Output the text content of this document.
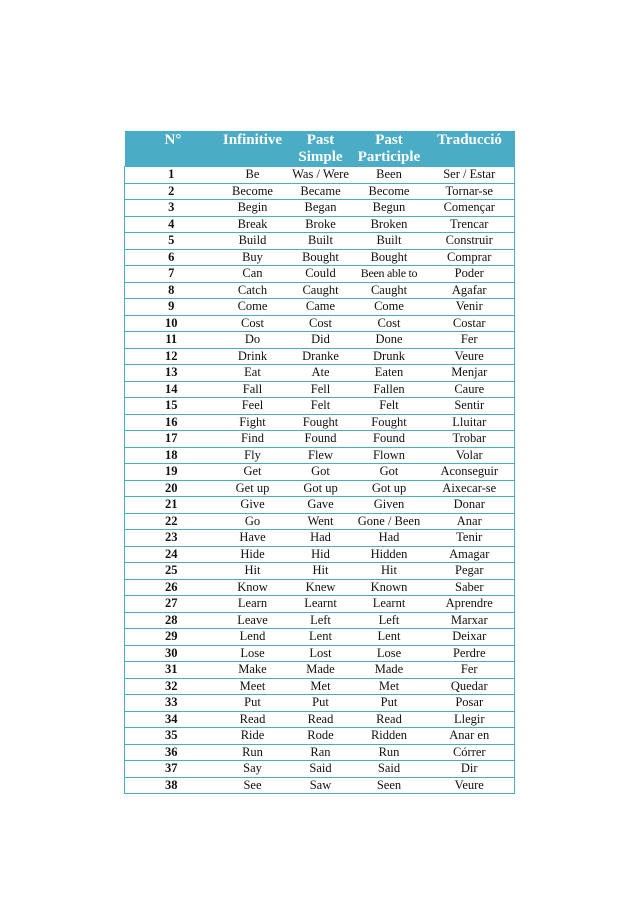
N°	Infinitive	Past Simple	Past Participle	Traducció
1	Be	Was / Were	Been	Ser / Estar
2	Become	Became	Become	Tornar-se
3	Begin	Began	Begun	Començar
4	Break	Broke	Broken	Trencar
5	Build	Built	Built	Construir
6	Buy	Bought	Bought	Comprar
7	Can	Could	Been able to	Poder
8	Catch	Caught	Caught	Agafar
9	Come	Came	Come	Venir
10	Cost	Cost	Cost	Costar
11	Do	Did	Done	Fer
12	Drink	Dranke	Drunk	Veure
13	Eat	Ate	Eaten	Menjar
14	Fall	Fell	Fallen	Caure
15	Feel	Felt	Felt	Sentir
16	Fight	Fought	Fought	Lluitar
17	Find	Found	Found	Trobar
18	Fly	Flew	Flown	Volar
19	Get	Got	Got	Aconseguir
20	Get up	Got up	Got up	Aixecar-se
21	Give	Gave	Given	Donar
22	Go	Went	Gone / Been	Anar
23	Have	Had	Had	Tenir
24	Hide	Hid	Hidden	Amagar
25	Hit	Hit	Hit	Pegar
26	Know	Knew	Known	Saber
27	Learn	Learnt	Learnt	Aprendre
28	Leave	Left	Left	Marxar
29	Lend	Lent	Lent	Deixar
30	Lose	Lost	Lose	Perdre
31	Make	Made	Made	Fer
32	Meet	Met	Met	Quedar
33	Put	Put	Put	Posar
34	Read	Read	Read	Llegir
35	Ride	Rode	Ridden	Anar en
36	Run	Ran	Run	Córrer
37	Say	Said	Said	Dir
38	See	Saw	Seen	Veure
